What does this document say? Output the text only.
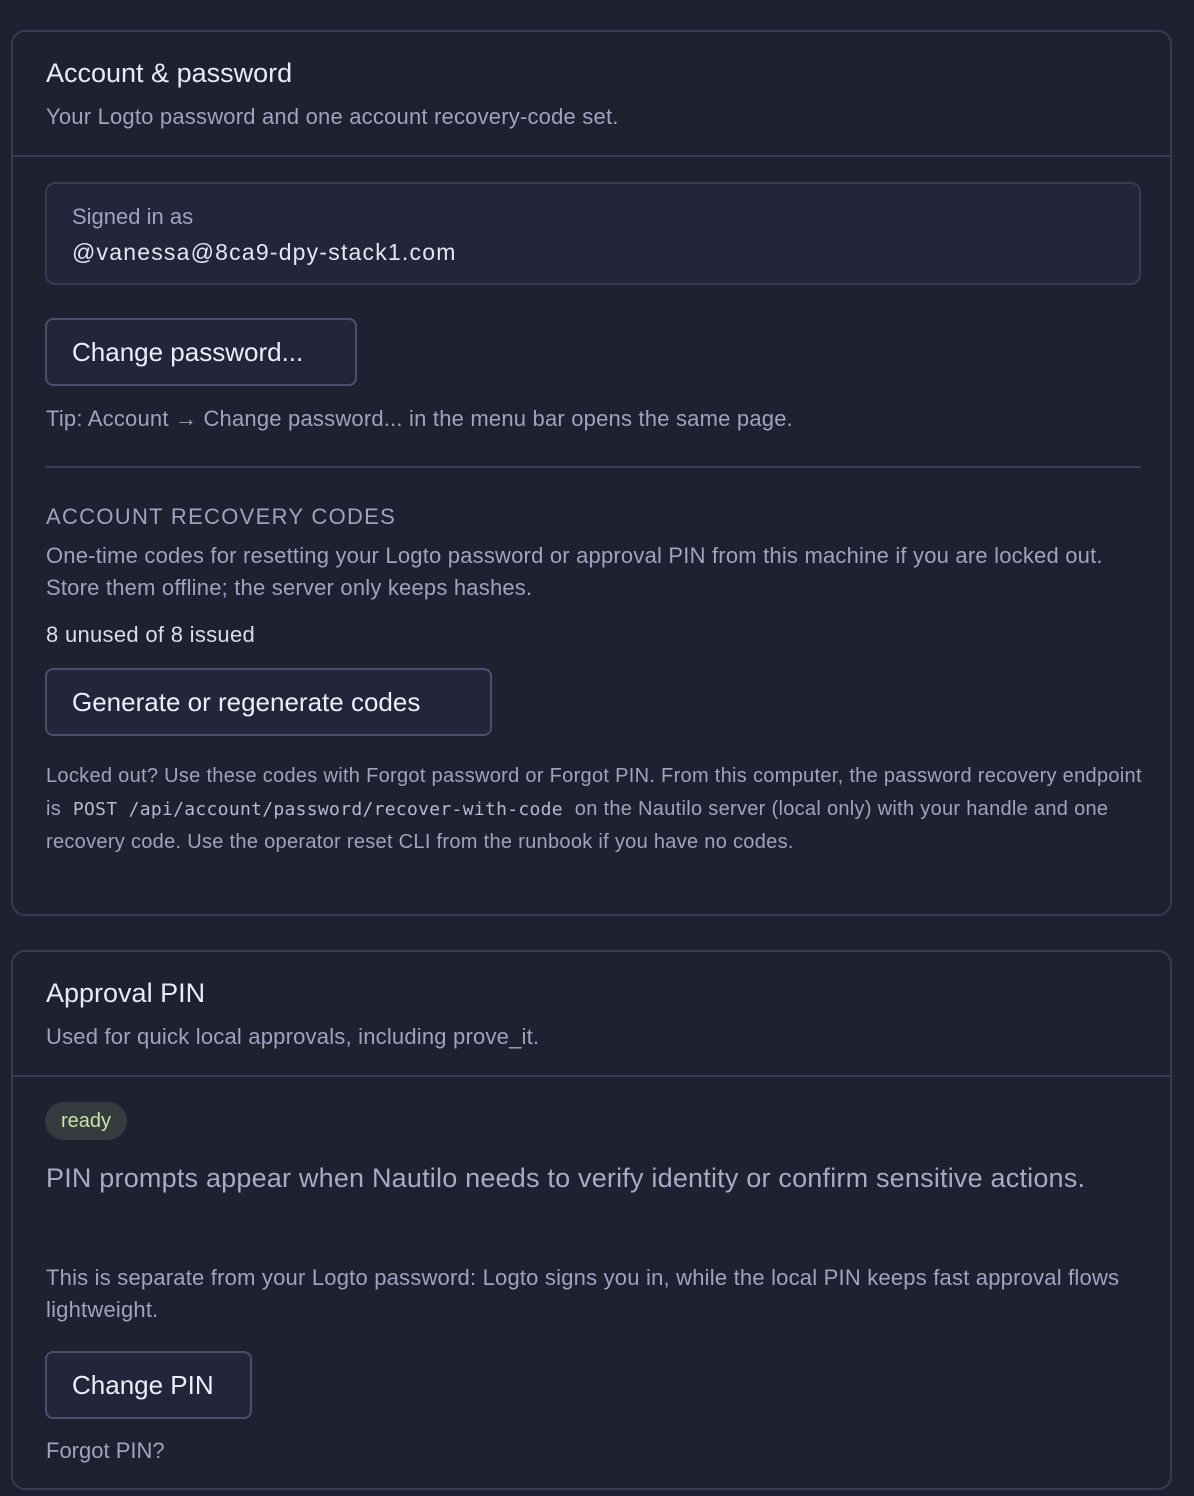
Account & password
Your Logto password and one account recovery-code set.
Signed in as
@vanessa@8ca9-dpy-stack1.com
Change password...
Tip: Account → Change password... in the menu bar opens the same page.
ACCOUNT RECOVERY CODES
One-time codes for resetting your Logto password or approval PIN from this machine if you are locked out. Store them offline; the server only keeps hashes.
8 unused of 8 issued
Generate or regenerate codes
Locked out? Use these codes with Forgot password or Forgot PIN. From this computer, the password recovery endpoint is POST /api/account/password/recover-with-code on the Nautilo server (local only) with your handle and one recovery code. Use the operator reset CLI from the runbook if you have no codes.
Approval PIN
Used for quick local approvals, including prove_it.
ready
PIN prompts appear when Nautilo needs to verify identity or confirm sensitive actions.
This is separate from your Logto password: Logto signs you in, while the local PIN keeps fast approval flows lightweight.
Change PIN
Forgot PIN?
